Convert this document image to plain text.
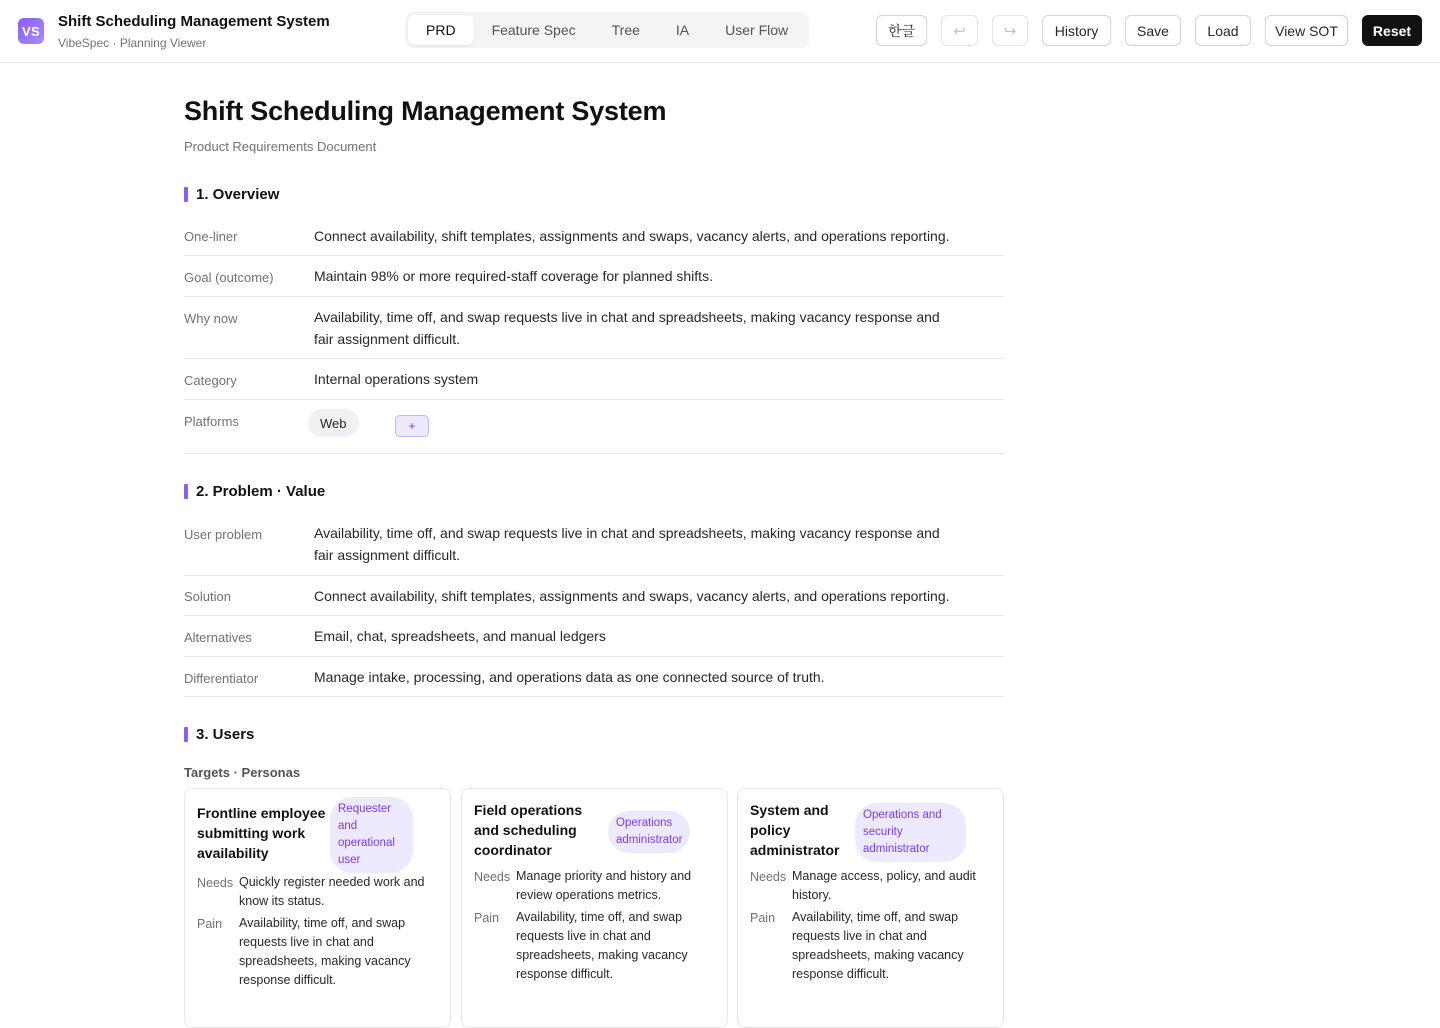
VS
Shift Scheduling Management System
VibeSpec · Planning Viewer
PRD	Feature Spec	Tree	IA	User Flow	한글	↩	↪	History	Save	Load	View SOT	Reset
Shift Scheduling Management System
Product Requirements Document
1. Overview
One-liner	Connect availability, shift templates, assignments and swaps, vacancy alerts, and operations reporting.
Goal (outcome)	Maintain 98% or more required-staff coverage for planned shifts.
Why now	Availability, time off, and swap requests live in chat and spreadsheets, making vacancy response and fair assignment difficult.
Category	Internal operations system
Platforms	Web	+
2. Problem · Value
User problem	Availability, time off, and swap requests live in chat and spreadsheets, making vacancy response and fair assignment difficult.
Solution	Connect availability, shift templates, assignments and swaps, vacancy alerts, and operations reporting.
Alternatives	Email, chat, spreadsheets, and manual ledgers
Differentiator	Manage intake, processing, and operations data as one connected source of truth.
3. Users
Targets · Personas
Frontline employee submitting work availability
Requester and operational user
Needs Quickly register needed work and know its status.
Pain Availability, time off, and swap requests live in chat and spreadsheets, making vacancy response difficult.
Field operations and scheduling coordinator
Operations administrator
Needs Manage priority and history and review operations metrics.
Pain Availability, time off, and swap requests live in chat and spreadsheets, making vacancy response difficult.
System and policy administrator
Operations and security administrator
Needs Manage access, policy, and audit history.
Pain Availability, time off, and swap requests live in chat and spreadsheets, making vacancy response difficult.
